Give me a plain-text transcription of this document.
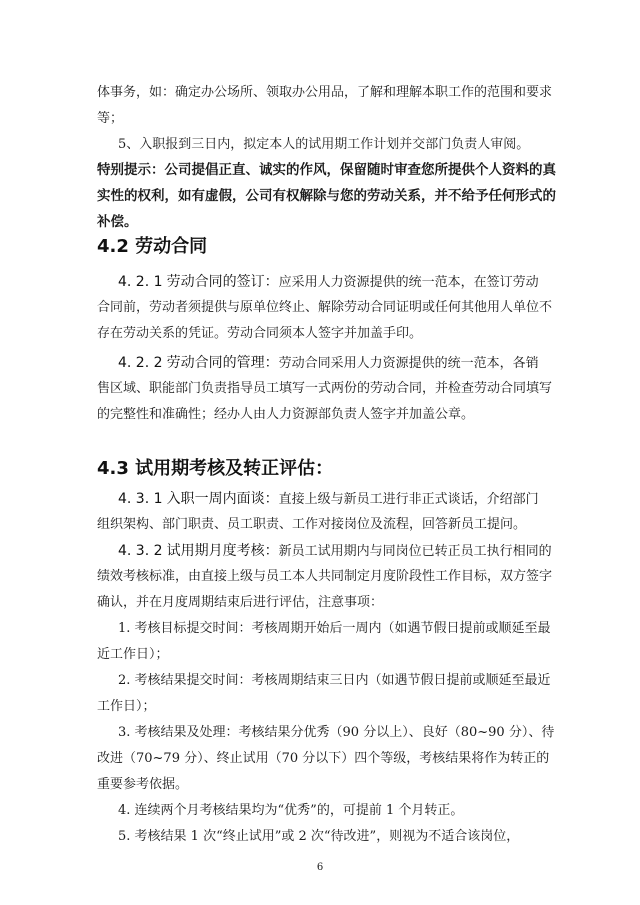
体事务，如：确定办公场所、领取办公用品，了解和理解本职工作的范围和要求
等；
5、入职报到三日内，拟定本人的试用期工作计划并交部门负责人审阅。
特别提示：公司提倡正直、诚实的作风，保留随时审查您所提供个人资料的真
实性的权利，如有虚假，公司有权解除与您的劳动关系，并不给予任何形式的
补偿。
4.2 劳动合同
4. 2. 1 劳动合同的签订：应采用人力资源提供的统一范本，在签订劳动
合同前，劳动者须提供与原单位终止、解除劳动合同证明或任何其他用人单位不
存在劳动关系的凭证。劳动合同须本人签字并加盖手印。
4. 2. 2 劳动合同的管理：劳动合同采用人力资源提供的统一范本，各销
售区域、职能部门负责指导员工填写一式两份的劳动合同，并检查劳动合同填写
的完整性和准确性；经办人由人力资源部负责人签字并加盖公章。
4.3 试用期考核及转正评估：
4. 3. 1 入职一周内面谈：直接上级与新员工进行非正式谈话，介绍部门
组织架构、部门职责、员工职责、工作对接岗位及流程，回答新员工提问。
4. 3. 2 试用期月度考核：新员工试用期内与同岗位已转正员工执行相同的
绩效考核标准，由直接上级与员工本人共同制定月度阶段性工作目标，双方签字
确认，并在月度周期结束后进行评估，注意事项：
1. 考核目标提交时间：考核周期开始后一周内（如遇节假日提前或顺延至最
近工作日）；
2. 考核结果提交时间：考核周期结束三日内（如遇节假日提前或顺延至最近
工作日）；
3. 考核结果及处理：考核结果分优秀（90 分以上）、良好（80~90 分）、待
改进（70~79 分）、终止试用（70 分以下）四个等级，考核结果将作为转正的
重要参考依据。
4. 连续两个月考核结果均为“优秀”的，可提前 1 个月转正。
5. 考核结果 1 次“终止试用”或 2 次“待改进”，则视为不适合该岗位，
6
